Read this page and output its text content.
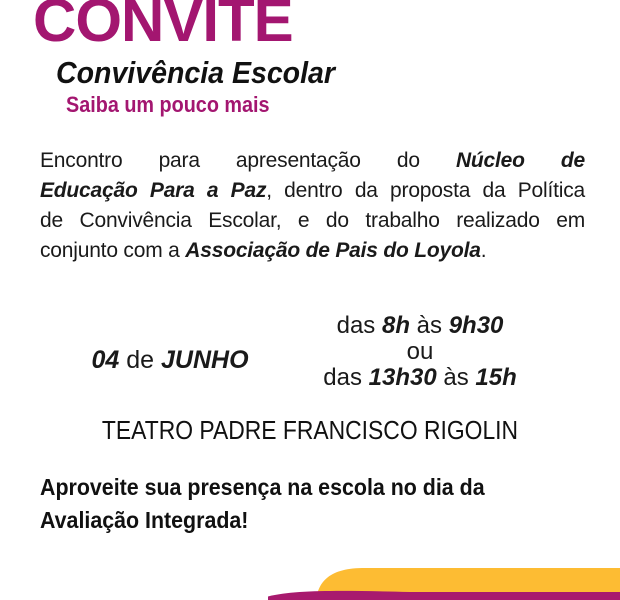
CONVITE
Convivência Escolar
Saiba um pouco mais
Encontro para apresentação do Núcleo de
Educação Para a Paz, dentro da proposta da Política
de Convivência Escolar, e do trabalho realizado em
conjunto com a Associação de Pais do Loyola.
04 de JUNHO
das 8h às 9h30
ou
das 13h30 às 15h
TEATRO PADRE FRANCISCO RIGOLIN
Aproveite sua presença na escola no dia da
Avaliação Integrada!
